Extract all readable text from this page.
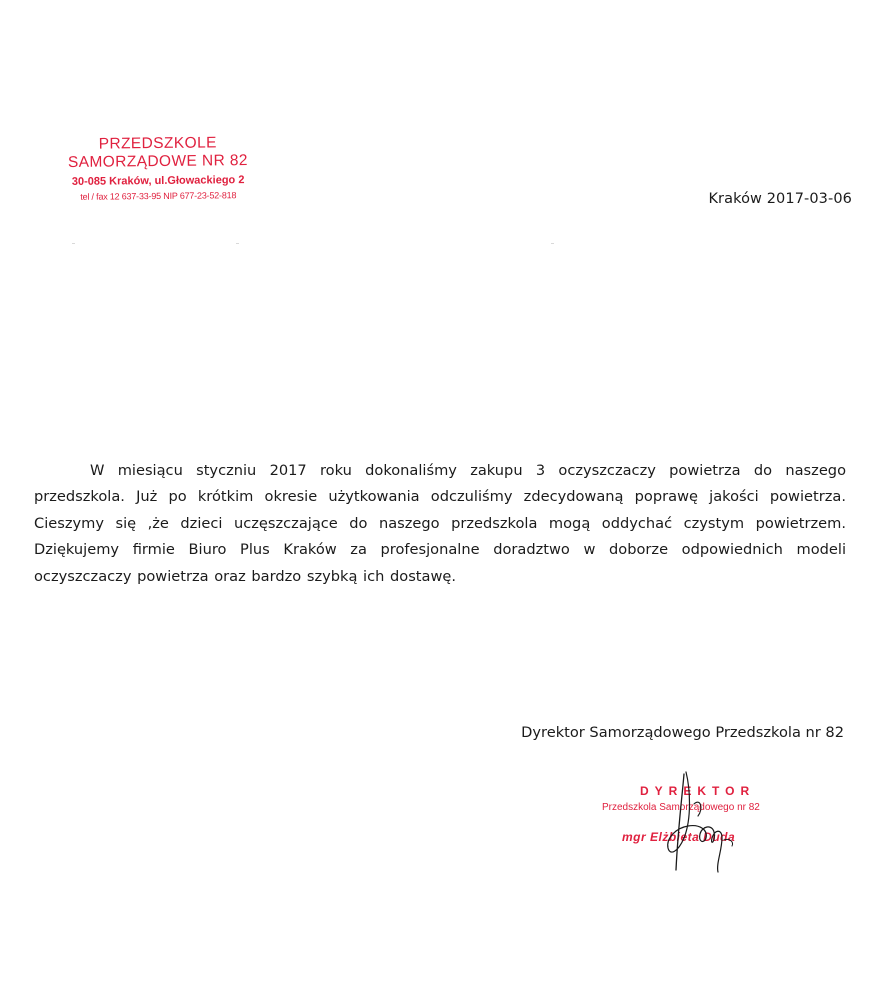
PRZEDSZKOLE
SAMORZĄDOWE NR 82
30-085 Kraków, ul.Głowackiego 2
tel / fax 12 637-33-95 NIP 677-23-52-818	Kraków 2017-03-06

W miesiącu styczniu 2017 roku dokonaliśmy zakupu 3 oczyszczaczy powietrza do naszego przedszkola. Już po krótkim okresie użytkowania odczuliśmy zdecydowaną poprawę jakości powietrza. Cieszymy się ,że dzieci uczęszczające do naszego przedszkola mogą oddychać czystym powietrzem. Dziękujemy firmie Biuro Plus Kraków za profesjonalne doradztwo w doborze odpowiednich modeli oczyszczaczy powietrza oraz bardzo szybką ich dostawę.

Dyrektor Samorządowego Przedszkola nr 82
DYREKTOR
Przedszkola Samorządowego nr 82
mgr Elżbieta Duda
